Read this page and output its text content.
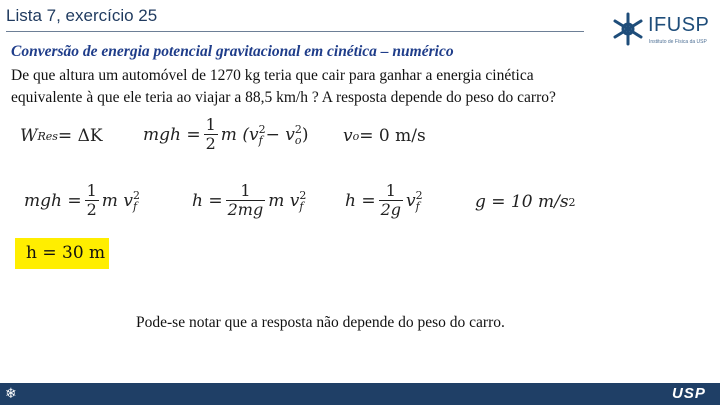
Lista 7, exercício 25	IFUSP
Instituto de Física da USP
Conversão de energia potencial gravitacional em cinética – numérico

De que altura um automóvel de 1270 kg teria que cair para ganhar a energia cinética

equivalente à que ele teria ao viajar a 88,5 km/h ? A resposta depende do peso do carro?

W Res = ΔK mgh = $\frac{1}{2}$ m (v 2
f − v 2
o ) v o = 0 m/s
mgh = $\frac{1}{2}$ m v 2
f	$h = \frac{1}{2mg}$ m v 2
f $h = \frac{1}{2g}$ v 2
f	g = 10 m/s 2
h = 30 m
Pode-se notar que a resposta não depende do peso do carro.
❄	USP
